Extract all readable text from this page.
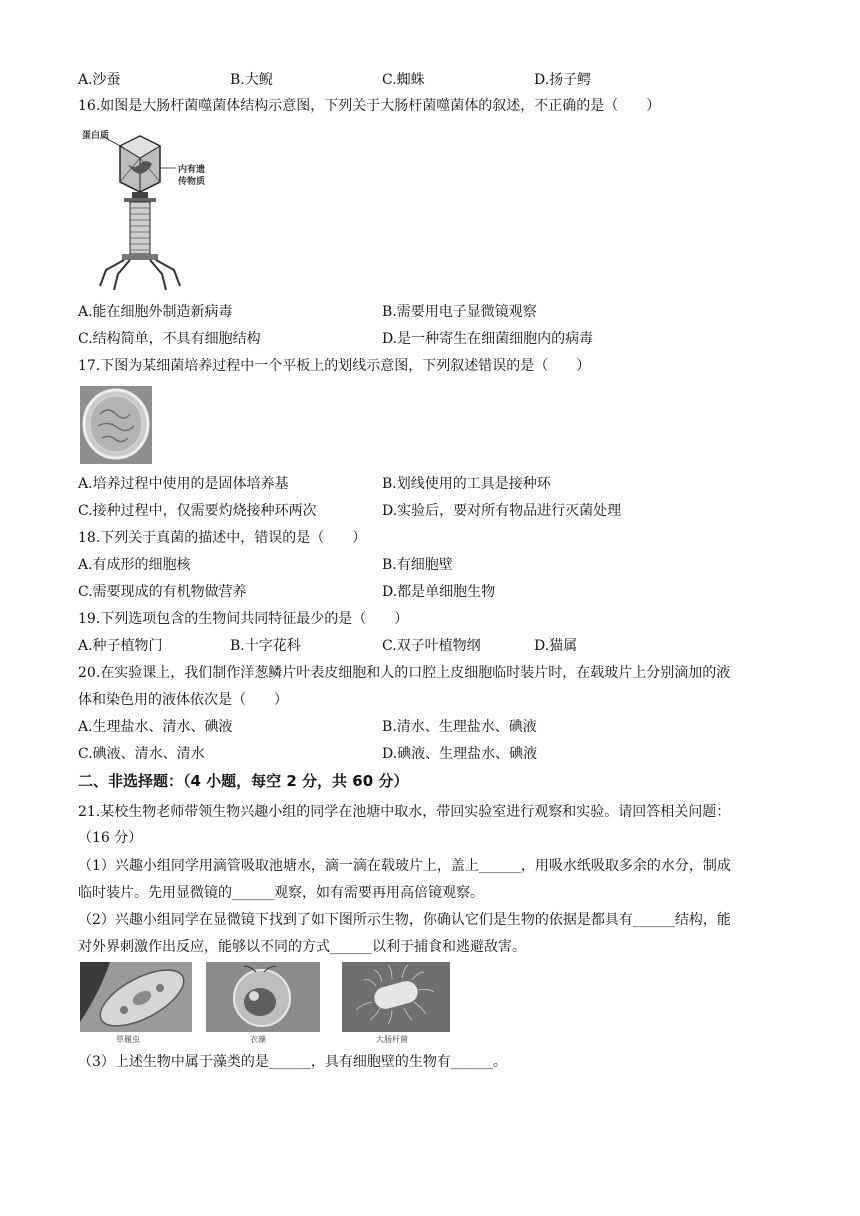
A.沙蚕	B.大鲵	C.蜘蛛	D.扬子鳄
16.如图是大肠杆菌噬菌体结构示意图，下列关于大肠杆菌噬菌体的叙述，不正确的是（　　）
蛋白质
内有遗
传物质
A.能在细胞外制造新病毒	B.需要用电子显微镜观察
C.结构简单，不具有细胞结构	D.是一种寄生在细菌细胞内的病毒
17.下图为某细菌培养过程中一个平板上的划线示意图，下列叙述错误的是（　　）
A.培养过程中使用的是固体培养基	B.划线使用的工具是接种环
C.接种过程中，仅需要灼烧接种环两次	D.实验后，要对所有物品进行灭菌处理
18.下列关于真菌的描述中，错误的是（　　）
A.有成形的细胞核	B.有细胞壁
C.需要现成的有机物做营养	D.都是单细胞生物
19.下列选项包含的生物间共同特征最少的是（　　）
A.种子植物门	B.十字花科	C.双子叶植物纲	D.猫属
20.在实验课上，我们制作洋葱鳞片叶表皮细胞和人的口腔上皮细胞临时装片时，在载玻片上分别滴加的液
体和染色用的液体依次是（　　）
A.生理盐水、清水、碘液	B.清水、生理盐水、碘液
C.碘液、清水、清水	D.碘液、生理盐水、碘液
二、非选择题：（4 小题，每空 2 分，共 60 分）
21.某校生物老师带领生物兴趣小组的同学在池塘中取水，带回实验室进行观察和实验。请回答相关问题：
（16 分）
（1）兴趣小组同学用滴管吸取池塘水，滴一滴在载玻片上，盖上______，用吸水纸吸取多余的水分，制成
临时装片。先用显微镜的______观察，如有需要再用高倍镜观察。
（2）兴趣小组同学在显微镜下找到了如下图所示生物，你确认它们是生物的依据是都具有______结构，能
对外界刺激作出反应，能够以不同的方式______以利于捕食和逃避敌害。
草履虫	衣藻	大肠杆菌
（3）上述生物中属于藻类的是______，具有细胞壁的生物有______。
